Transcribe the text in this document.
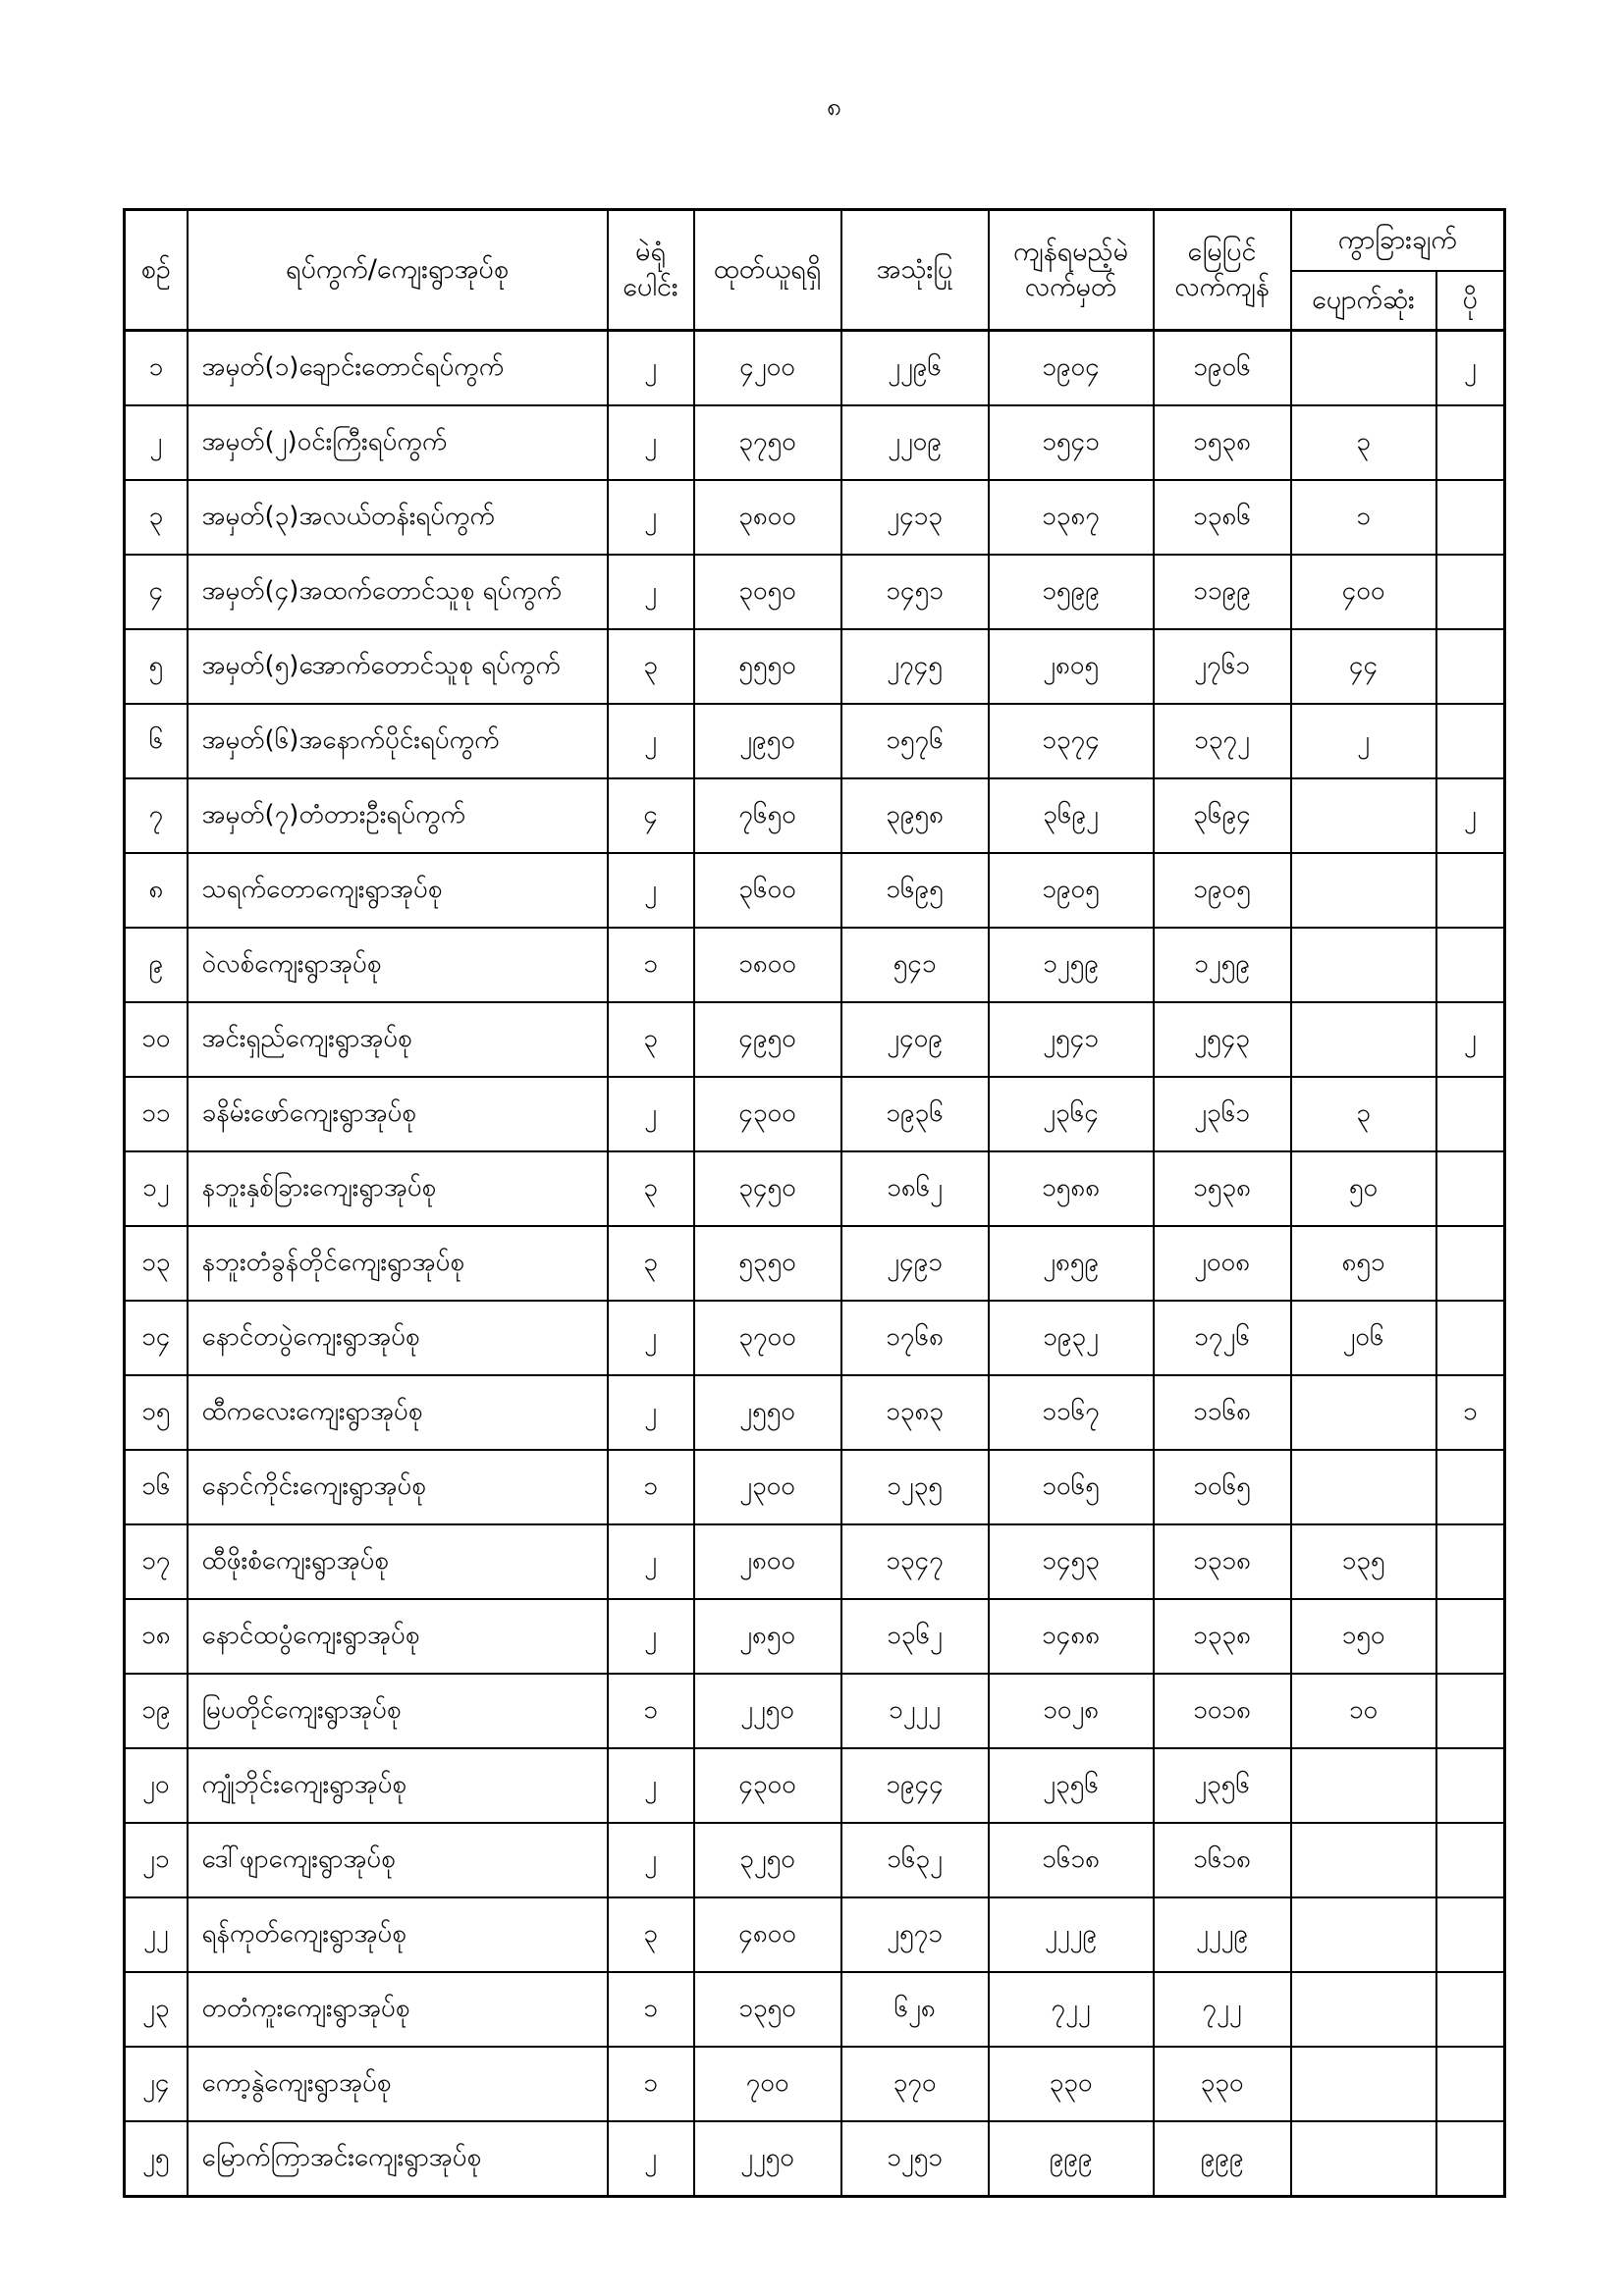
၈
စဉ်	ရပ်ကွက်/ကျေးရွာအုပ်စု	မဲရုံပေါင်း	ထုတ်ယူရရှိ	အသုံးပြု	ကျန်ရမည့်မဲလက်မှတ်	မြေပြင်လက်ကျန်	ကွာခြားချက်	
							ပျောက်ဆုံး	ပို
၁	အမှတ်(၁)ချောင်းတောင်ရပ်ကွက်	၂	၄၂၀၀	၂၂၉၆	၁၉၀၄	၁၉၀၆		၂
၂	အမှတ်(၂)ဝင်းကြီးရပ်ကွက်	၂	၃၇၅၀	၂၂၀၉	၁၅၄၁	၁၅၃၈	၃	
၃	အမှတ်(၃)အလယ်တန်းရပ်ကွက်	၂	၃၈၀၀	၂၄၁၃	၁၃၈၇	၁၃၈၆	၁	
၄	အမှတ်(၄)အထက်တောင်သူစု ရပ်ကွက်	၂	၃၀၅၀	၁၄၅၁	၁၅၉၉	၁၁၉၉	၄၀၀	
၅	အမှတ်(၅)အောက်တောင်သူစု ရပ်ကွက်	၃	၅၅၅၀	၂၇၄၅	၂၈၀၅	၂၇၆၁	၄၄	
၆	အမှတ်(၆)အနောက်ပိုင်းရပ်ကွက်	၂	၂၉၅၀	၁၅၇၆	၁၃၇၄	၁၃၇၂	၂	
၇	အမှတ်(၇)တံတားဦးရပ်ကွက်	၄	၇၆၅၀	၃၉၅၈	၃၆၉၂	၃၆၉၄		၂
၈	သရက်တောကျေးရွာအုပ်စု	၂	၃၆၀၀	၁၆၉၅	၁၉၀၅	၁၉၀၅		
၉	ဝဲလစ်ကျေးရွာအုပ်စု	၁	၁၈၀၀	၅၄၁	၁၂၅၉	၁၂၅၉		
၁၀	အင်းရှည်ကျေးရွာအုပ်စု	၃	၄၉၅၀	၂၄၀၉	၂၅၄၁	၂၅၄၃		၂
၁၁	ခနိမ်းဖော်ကျေးရွာအုပ်စု	၂	၄၃၀၀	၁၉၃၆	၂၃၆၄	၂၃၆၁	၃	
၁၂	နဘူးနှစ်ခြားကျေးရွာအုပ်စု	၃	၃၄၅၀	၁၈၆၂	၁၅၈၈	၁၅၃၈	၅၀	
၁၃	နဘူးတံခွန်တိုင်ကျေးရွာအုပ်စု	၃	၅၃၅၀	၂၄၉၁	၂၈၅၉	၂၀၀၈	၈၅၁	
၁၄	နောင်တပွဲကျေးရွာအုပ်စု	၂	၃၇၀၀	၁၇၆၈	၁၉၃၂	၁၇၂၆	၂၀၆	
၁၅	ထီကလေးကျေးရွာအုပ်စု	၂	၂၅၅၀	၁၃၈၃	၁၁၆၇	၁၁၆၈		၁
၁၆	နောင်ကိုင်းကျေးရွာအုပ်စု	၁	၂၃၀၀	၁၂၃၅	၁၀၆၅	၁၀၆၅		
၁၇	ထီဖိုးစံကျေးရွာအုပ်စု	၂	၂၈၀၀	၁၃၄၇	၁၄၅၃	၁၃၁၈	၁၃၅	
၁၈	နောင်ထပွံကျေးရွာအုပ်စု	၂	၂၈၅၀	၁၃၆၂	၁၄၈၈	၁၃၃၈	၁၅၀	
၁၉	မြပတိုင်ကျေးရွာအုပ်စု	၁	၂၂၅၀	၁၂၂၂	၁၀၂၈	၁၀၁၈	၁၀	
၂၀	ကျုံဘိုင်းကျေးရွာအုပ်စု	၂	၄၃၀၀	၁၉၄၄	၂၃၅၆	၂၃၅၆		
၂၁	ဒေါ်ဖျာကျေးရွာအုပ်စု	၂	၃၂၅၀	၁၆၃၂	၁၆၁၈	၁၆၁၈		
၂၂	ရန်ကုတ်ကျေးရွာအုပ်စု	၃	၄၈၀၀	၂၅၇၁	၂၂၂၉	၂၂၂၉		
၂၃	တတံကူးကျေးရွာအုပ်စု	၁	၁၃၅၀	၆၂၈	၇၂၂	၇၂၂		
၂၄	ကော့နွဲကျေးရွာအုပ်စု	၁	၇၀၀	၃၇၀	၃၃၀	၃၃၀		
၂၅	မြောက်ကြာအင်းကျေးရွာအုပ်စု	၂	၂၂၅၀	၁၂၅၁	၉၉၉	၉၉၉		
